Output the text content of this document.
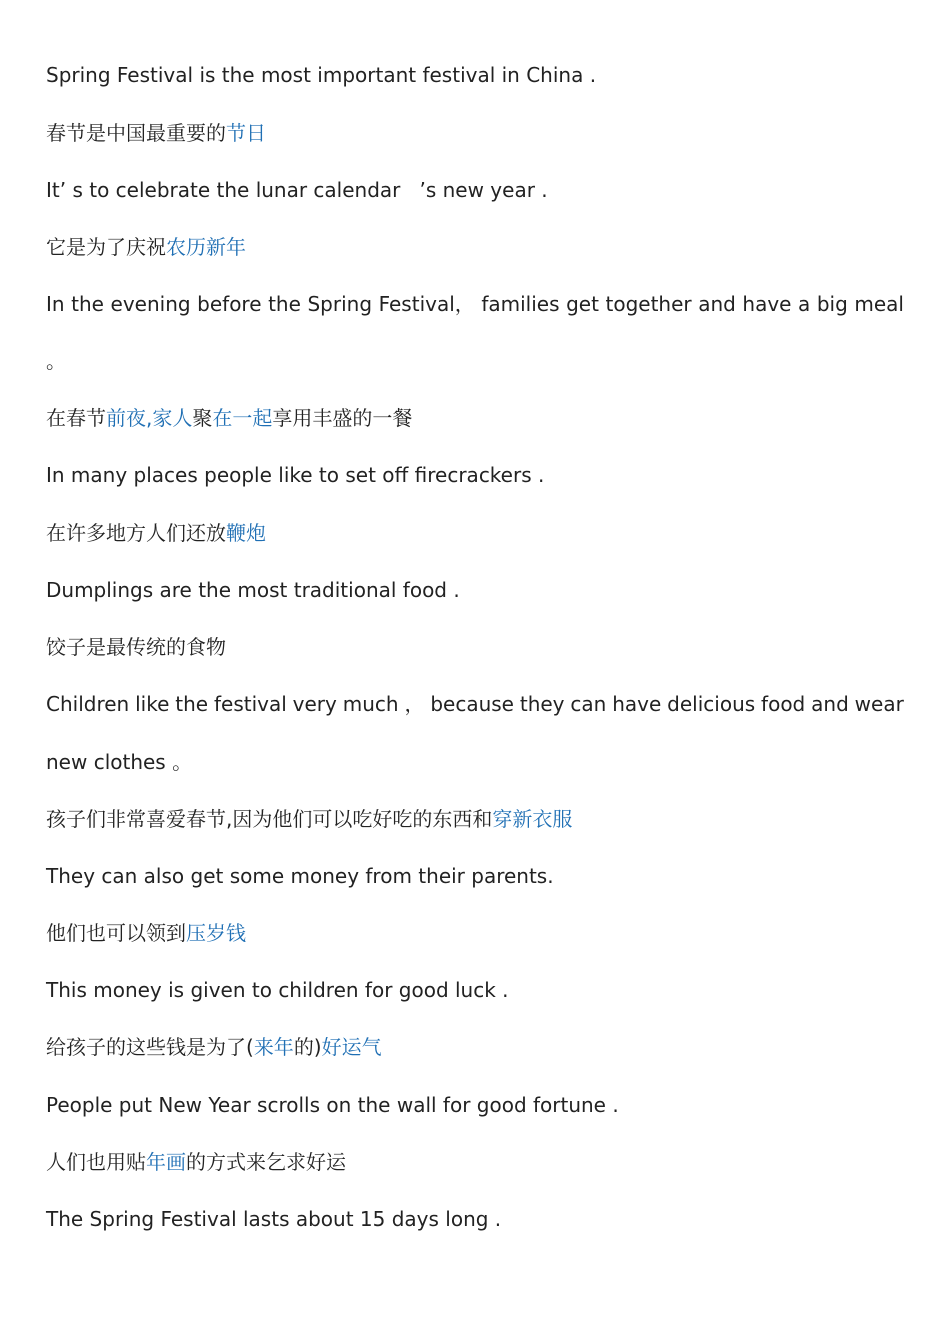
Spring Festival is the most important festival in China .
春节是中国最重要的节日
It’ s to celebrate the lunar calendar   ’s new year .
它是为了庆祝农历新年
In the evening before the Spring Festival， families get together and have a big meal
。
在春节前夜,家人聚在一起享用丰盛的一餐
In many places people like to set off firecrackers .
在许多地方人们还放鞭炮
Dumplings are the most traditional food .
饺子是最传统的食物
Children like the festival very much ， because they can have delicious food and wear
new clothes 。
孩子们非常喜爱春节,因为他们可以吃好吃的东西和穿新衣服
They can also get some money from their parents.
他们也可以领到压岁钱
This money is given to children for good luck .
给孩子的这些钱是为了(来年的)好运气
People put New Year scrolls on the wall for good fortune .
人们也用贴年画的方式来乞求好运
The Spring Festival lasts about 15 days long .
